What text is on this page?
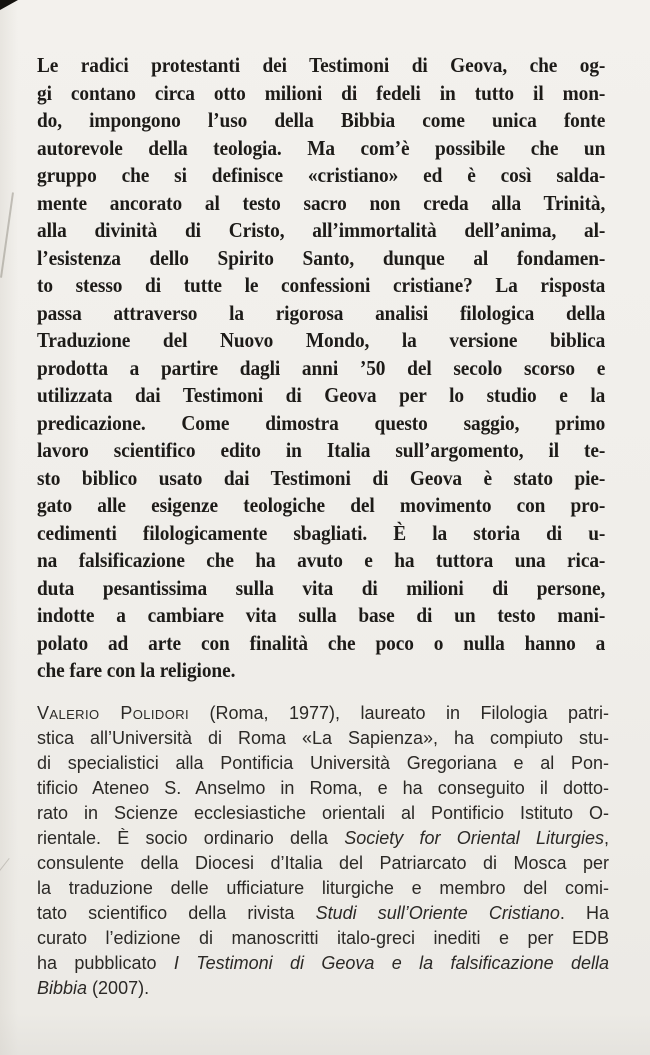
Le radici protestanti dei Testimoni di Geova, che og-
gi contano circa otto milioni di fedeli in tutto il mon-
do, impongono l’uso della Bibbia come unica fonte
autorevole della teologia. Ma com’è possibile che un
gruppo che si definisce «cristiano» ed è così salda-
mente ancorato al testo sacro non creda alla Trinità,
alla divinità di Cristo, all’immortalità dell’anima, al-
l’esistenza dello Spirito Santo, dunque al fondamen-
to stesso di tutte le confessioni cristiane? La risposta
passa attraverso la rigorosa analisi filologica della
Traduzione del Nuovo Mondo, la versione biblica
prodotta a partire dagli anni ’50 del secolo scorso e
utilizzata dai Testimoni di Geova per lo studio e la
predicazione. Come dimostra questo saggio, primo
lavoro scientifico edito in Italia sull’argomento, il te-
sto biblico usato dai Testimoni di Geova è stato pie-
gato alle esigenze teologiche del movimento con pro-
cedimenti filologicamente sbagliati. È la storia di u-
na falsificazione che ha avuto e ha tuttora una rica-
duta pesantissima sulla vita di milioni di persone,
indotte a cambiare vita sulla base di un testo mani-
polato ad arte con finalità che poco o nulla hanno a
che fare con la religione.
Valerio Polidori (Roma, 1977), laureato in Filologia patri-
stica all’Università di Roma «La Sapienza», ha compiuto stu-
di specialistici alla Pontificia Università Gregoriana e al Pon-
tificio Ateneo S. Anselmo in Roma, e ha conseguito il dotto-
rato in Scienze ecclesiastiche orientali al Pontificio Istituto O-
rientale. È socio ordinario della Society for Oriental Liturgies,
consulente della Diocesi d’Italia del Patriarcato di Mosca per
la traduzione delle ufficiature liturgiche e membro del comi-
tato scientifico della rivista Studi sull’Oriente Cristiano. Ha
curato l’edizione di manoscritti italo-greci inediti e per EDB
ha pubblicato I Testimoni di Geova e la falsificazione della
Bibbia (2007).
